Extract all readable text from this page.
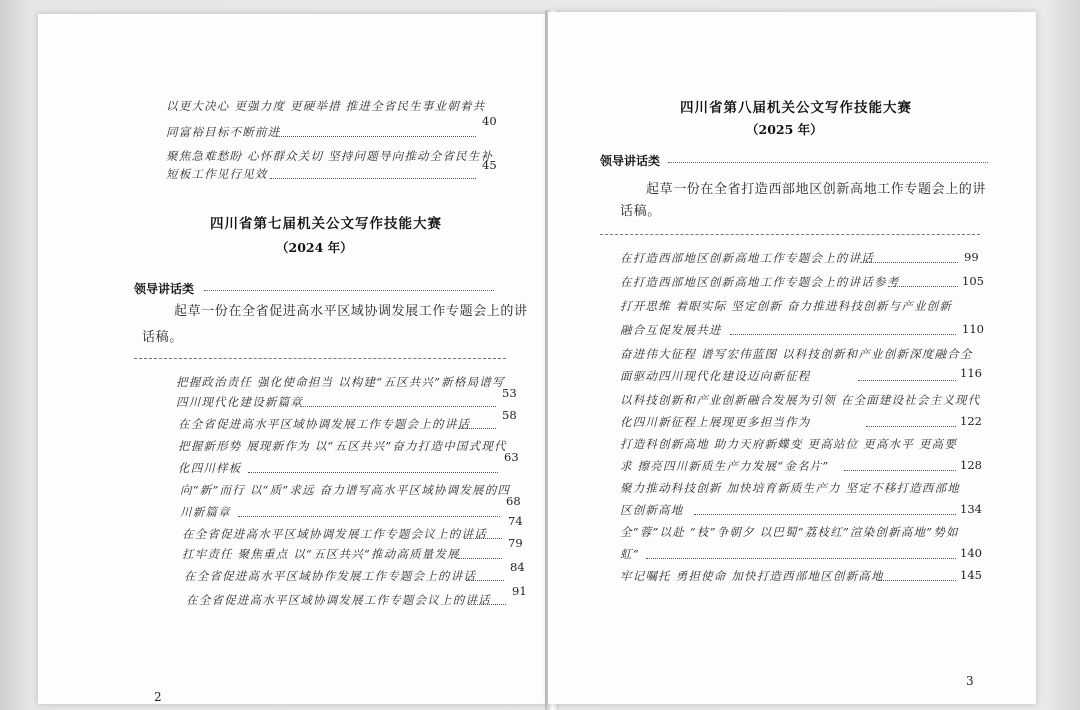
以更大决心 更强力度 更硬举措 推进全省民生事业朝着共
同富裕目标不断前进
40
聚焦急难愁盼 心怀群众关切 坚持问题导向推动全省民生补
短板工作见行见效
45
四川省第七届机关公文写作技能大赛
（2024 年）
领导讲话类
起草一份在全省促进高水平区域协调发展工作专题会上的讲
话稿。
把握政治责任 强化使命担当 以构建“五区共兴”新格局谱写
四川现代化建设新篇章
53
在全省促进高水平区域协调发展工作专题会上的讲话
58
把握新形势 展现新作为 以“五区共兴”奋力打造中国式现代
化四川样板
63
向“新”而行 以“质”求远 奋力谱写高水平区域协调发展的四
川新篇章
68
在全省促进高水平区域协调发展工作专题会议上的讲话
74
扛牢责任 聚焦重点 以“五区共兴”推动高质量发展
79
在全省促进高水平区域协作发展工作专题会上的讲话
84
在全省促进高水平区域协调发展工作专题会议上的讲话
91
2
四川省第八届机关公文写作技能大赛
（2025 年）
领导讲话类
起草一份在全省打造西部地区创新高地工作专题会上的讲
话稿。
在打造西部地区创新高地工作专题会上的讲话	99
在打造西部地区创新高地工作专题会上的讲话参考	105
打开思维 着眼实际 坚定创新 奋力推进科技创新与产业创新
融合互促发展共进	110
奋进伟大征程 谱写宏伟蓝图 以科技创新和产业创新深度融合全
面驱动四川现代化建设迈向新征程	116
以科技创新和产业创新融合发展为引领 在全面建设社会主义现代
化四川新征程上展现更多担当作为	122
打造科创新高地 助力天府新蝶变 更高站位 更高水平 更高要
求 擦亮四川新质生产力发展“金名片”	128
聚力推动科技创新 加快培育新质生产力 坚定不移打造西部地
区创新高地	134
全“蓉”以赴 “枝”争朝夕 以巴蜀“荔枝红”渲染创新高地”势如
虹”	140
牢记嘱托 勇担使命 加快打造西部地区创新高地	145
3
